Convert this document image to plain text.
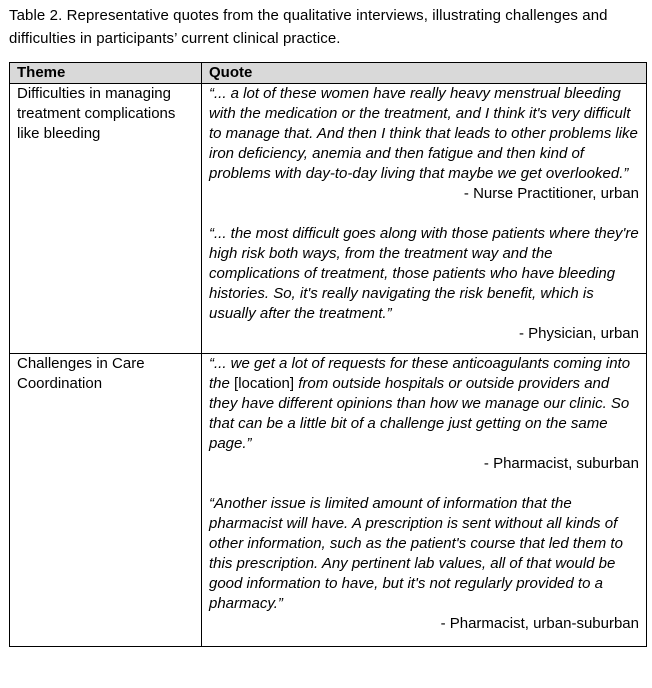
Table 2. Representative quotes from the qualitative interviews, illustrating challenges and difficulties in participants’ current clinical practice.
Theme	Quote
Difficulties in managing treatment complications like bleeding	“... a lot of these women have really heavy menstrual bleeding with the medication or the treatment, and I think it's very difficult to manage that. And then I think that leads to other problems like iron deficiency, anemia and then fatigue and then kind of problems with day-to-day living that maybe we get overlooked.”

- Nurse Practitioner, urban

“... the most difficult goes along with those patients where they're high risk both ways, from the treatment way and the complications of treatment, those patients who have bleeding histories. So, it's really navigating the risk benefit, which is usually after the treatment.”

- Physician, urban

Challenges in Care Coordination	“... we get a lot of requests for these anticoagulants coming into the [location] from outside hospitals or outside providers and they have different opinions than how we manage our clinic. So that can be a little bit of a challenge just getting on the same page.”

- Pharmacist, suburban

“Another issue is limited amount of information that the pharmacist will have. A prescription is sent without all kinds of other information, such as the patient's course that led them to this prescription. Any pertinent lab values, all of that would be good information to have, but it's not regularly provided to a pharmacy.”

- Pharmacist, urban-suburban
